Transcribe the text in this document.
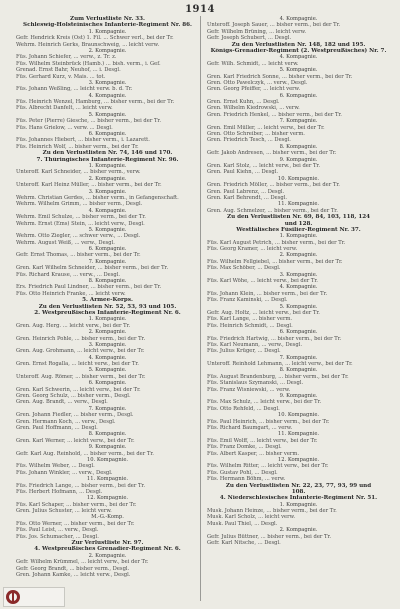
1914
Zum Verlustliste Nr. 33.
Schleswig-Holsteinisches Infanterie-Regiment Nr. 86.
1. Kompagnie.
Gefr. Hendrick Kreis (Ost) 1. Fil. ... Schwer verl., bei der Tr.
Wehrm. Heinrich Gerks, Braunschweig, ... leicht verw.
2. Kompagnie.
Füs. Johann Schiefer, ... verw., z. Tr. z.
Füs. Wilhelm Steinbrück (Hamb.) ... bish. verm., i. Gef.
Grenad. Ernst Bahr, Neuhof, ... i. Desgl.
Füs. Gerhard Kurz, v. Mais. ... tot.
3. Kompagnie.
Füs. Johann Weßling, ... leicht verw. b. d. Tr.
4. Kompagnie.
Füs. Heinrich Wenzel, Hamburg, ... bisher verm., bei der Tr.
Füs. Albrecht Danfelt, ... leicht verw.
5. Kompagnie.
Füs. Peter (Pierre) Giesche, ... bisher verm., bei der Tr.
Füs. Hans Grielow, ... verw. ... Desgl.
6. Kompagnie.
Füs. Johannes Hiebert, ... bisher verm., i. Lazarett.
Füs. Heinrich Wolf, ... bisher verm., bei der Tr.
Zu den Verlustlisten Nr. 74, 146 und 170.
7. Thüringisches Infanterie-Regiment Nr. 96.
1. Kompagnie.
Unteroff. Karl Schneider, ... bisher verm., verw.
2. Kompagnie.
Unteroff. Karl Heinz Müller, ... bisher verm., bei der Tr.
3. Kompagnie.
Wehrm. Christian Gerdes, ... bisher verm., in Gefangenschaft.
Wehrm. Wilhelm Grimm, ... bisher verm., Desgl.
4. Kompagnie.
Wehrm. Emil Schulze, ... bisher verm., bei der Tr.
Wehrm. Ernst (Ems) Stein, ... leicht verw., Desgl.
5. Kompagnie.
Wehrm. Otto Ziegler, ... schwer verw., ... Desgl.
Wehrm. August Weiß, ... verw., Desgl.
6. Kompagnie.
Gefr. Ernst Thomas, ... bisher verm., bei der Tr.
7. Kompagnie.
Gren. Karl Wilhelm Schneider, ... bisher verm., bei der Tr.
Füs. Richard Krause, ... verw., ... Desgl.
8. Kompagnie.
Ers. Friedrich Paul Lindner, ... bisher verm., bei der Tr.
Füs. Otto Heinrich Franke, ... leicht verw.
5. Armee-Korps.
Zu den Verlustlisten Nr. 52, 53, 93 und 105.
2. Westpreußisches Infanterie-Regiment Nr. 6.
1. Kompagnie.
Gren. Aug. Herg. ... leicht verw., bei der Tr.
2. Kompagnie.
Gren. Heinrich Pohle, ... bisher verm., bei der Tr.
3. Kompagnie.
Gren. Aug. Grohmann, ... leicht verw., bei der Tr.
4. Kompagnie.
Gren. Ernst Rogalla, ... leicht verw., bei der Tr.
5. Kompagnie.
Unteroff. Aug. Römer, ... bisher verm., bei der Tr.
6. Kompagnie.
Gren. Karl Schwerin, ... leicht verw., bei der Tr.
Gren. Georg Schulz, ... bisher verm., Desgl.
Gren. Aug. Brandt, ... verw., Desgl.
7. Kompagnie.
Gren. Johann Fiedler, ... bisher verm., Desgl.
Gren. Hermann Koch, ... verw., Desgl.
Gren. Paul Hoffmann, ... Desgl.
8. Kompagnie.
Gren. Karl Werner, ... leicht verw., bei der Tr.
9. Kompagnie.
Gefr. Karl Aug. Reinhold, ... bisher verm., bei der Tr.
10. Kompagnie.
Füs. Wilhelm Weber, ... Desgl.
Füs. Johann Winkler, ... verw., Desgl.
11. Kompagnie.
Füs. Friedrich Lange, ... bisher verm., bei der Tr.
Füs. Herbert Hofmann, ... Desgl.
12. Kompagnie.
Füs. Karl Schaper, ... bisher verm., bei der Tr.
Gren. Julius Schuster, ... leicht verw.
M.-G.-Komp.
Füs. Otto Werner, ... bisher verm., bei der Tr.
Füs. Paul Leist, ... verw., Desgl.
Füs. Jos. Schumacher, ... Desgl.
Zur Verlustliste Nr. 97.
4. Westpreußisches Grenadier-Regiment Nr. 6.
2. Kompagnie.
Gefr. Wilhelm Krümmel, ... leicht verw., bei der Tr.
Gefr. Georg Brandt, ... bisher verm., Desgl.
Gren. Johann Kamke, ... leicht verw., Desgl.
4. Kompagnie.
Unteroff. Joseph Sauer, ... bisher verm., bei der Tr.
Gefr. Wilhelm Brüning, ... leicht verw.
Gefr. Joseph Schubert, ... Desgl.
Zu den Verlustlisten Nr. 148, 182 und 195.
Königs-Grenadier-Regiment (2. Westpreußisches) Nr. 7.
4. Kompagnie.
Gefr. Wilh. Schmidt, ... leicht verw.
5. Kompagnie.
Gren. Karl Friedrich Sonne, ... bisher verm., bei der Tr.
Gren. Otto Pawelczyk, ... verw., Desgl.
Gren. Georg Pfeiffer, ... leicht verw.
6. Kompagnie.
Gren. Ernst Kuhn, ... Desgl.
Gren. Wilhelm Kiedrowski, ... verw.
Gren. Friedrich Henkel, ... bisher verm., bei der Tr.
7. Kompagnie.
Gren. Emil Müller, ... leicht verw., bei der Tr.
Gren. Otto Schreiber, ... bisher verm.
Gren. Friedrich Tesch, ... Desgl.
8. Kompagnie.
Gefr. Jakob Andresen, ... bisher verm., bei der Tr.
9. Kompagnie.
Gren. Karl Stolz, ... leicht verw., bei der Tr.
Gren. Paul Kiehn, ... Desgl.
10. Kompagnie.
Gren. Friedrich Möller, ... bisher verm., bei der Tr.
Gren. Paul Labrenz, ... Desgl.
Gren. Karl Behrendt, ... Desgl.
11. Kompagnie.
Gren. Aug. Schmelzer, ... bisher verm., bei der Tr.
Zu den Verlustlisten Nr. 69, 84, 103, 118, 124
und 128.
Westfälisches Füsilier-Regiment Nr. 37.
1. Kompagnie.
Füs. Karl August Petrich, ... bisher verm., bei der Tr.
Füs. Georg Kramer, ... leicht verw.
2. Kompagnie.
Füs. Wilhelm Fellgiebel, ... bisher verm., bei der Tr.
Füs. Max Schöber, ... Desgl.
3. Kompagnie.
Füs. Karl Wöhe, ... leicht verw., bei der Tr.
4. Kompagnie.
Füs. Johann Klein, ... bisher verm., bei der Tr.
Füs. Franz Kaminski, ... Desgl.
5. Kompagnie.
Gefr. Aug. Holtz, ... leicht verw., bei der Tr.
Füs. Karl Lange, ... bisher verm.
Füs. Heinrich Schmidt, ... Desgl.
6. Kompagnie.
Füs. Friedrich Hartwig, ... bisher verm., bei der Tr.
Füs. Karl Neumann, ... verw., Desgl.
Füs. Julius Krüger, ... Desgl.
7. Kompagnie.
Unteroff. Reinhold Lehmann, ... leicht verw., bei der Tr.
8. Kompagnie.
Füs. August Brandenburg, ... bisher verm., bei der Tr.
Füs. Stanislaus Szymanski, ... Desgl.
Füs. Franz Wisniewski, ... verw.
9. Kompagnie.
Füs. Max Schulz, ... leicht verw., bei der Tr.
Füs. Otto Rehfeld, ... Desgl.
10. Kompagnie.
Füs. Paul Heinrich, ... bisher verm., bei der Tr.
Füs. Richard Baumgart, ... verw.
11. Kompagnie.
Füs. Emil Wolff, ... leicht verw., bei der Tr.
Füs. Franz Domke, ... Desgl.
Füs. Albert Kasper, ... bisher verm.
12. Kompagnie.
Füs. Wilhelm Ritter, ... leicht verw., bei der Tr.
Füs. Gustav Pohl, ... Desgl.
Füs. Hermann Böhm, ... verw.
Zu den Verlustlisten Nr. 22, 23, 77, 93, 99 und
108.
4. Niederschlesisches Infanterie-Regiment Nr. 51.
1. Kompagnie.
Musk. Johann Heinze, ... bisher verm., bei der Tr.
Musk. Karl Scholz, ... leicht verw.
Musk. Paul Thiel, ... Desgl.
2. Kompagnie.
Gefr. Julius Büttner, ... bisher verm., bei der Tr.
Gefr. Karl Nitsche, ... Desgl.
